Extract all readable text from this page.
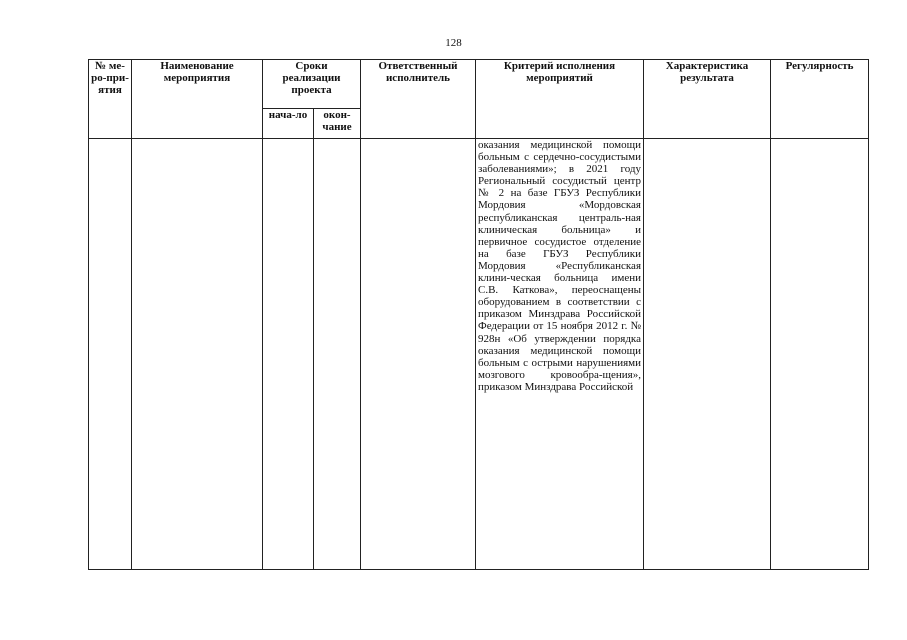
128
№ ме-ро-при-ятия	Наименование мероприятия	Сроки реализации проекта		Ответственный исполнитель	Критерий исполнения мероприятий	Характеристика результата	Регулярность
		нача-ло	окон-чание				

					оказания медицинской помощи больным с сердечно-сосудистыми заболеваниями»; в 2021 году Региональный сосудистый центр № 2 на базе ГБУЗ Республики Мордовия «Мордовская республиканская централь-ная клиническая больница» и первичное сосудистое отделение на базе ГБУЗ Республики Мордовия «Республиканская клини-ческая больница имени С.В. Каткова», переоснащены оборудованием в соответствии с приказом Минздрава Российской Федерации от 15 ноября 2012 г. № 928н «Об утверждении порядка оказания медицинской помощи больным с острыми нарушениями мозгового кровообра-щения», приказом Минздрава Российской		
